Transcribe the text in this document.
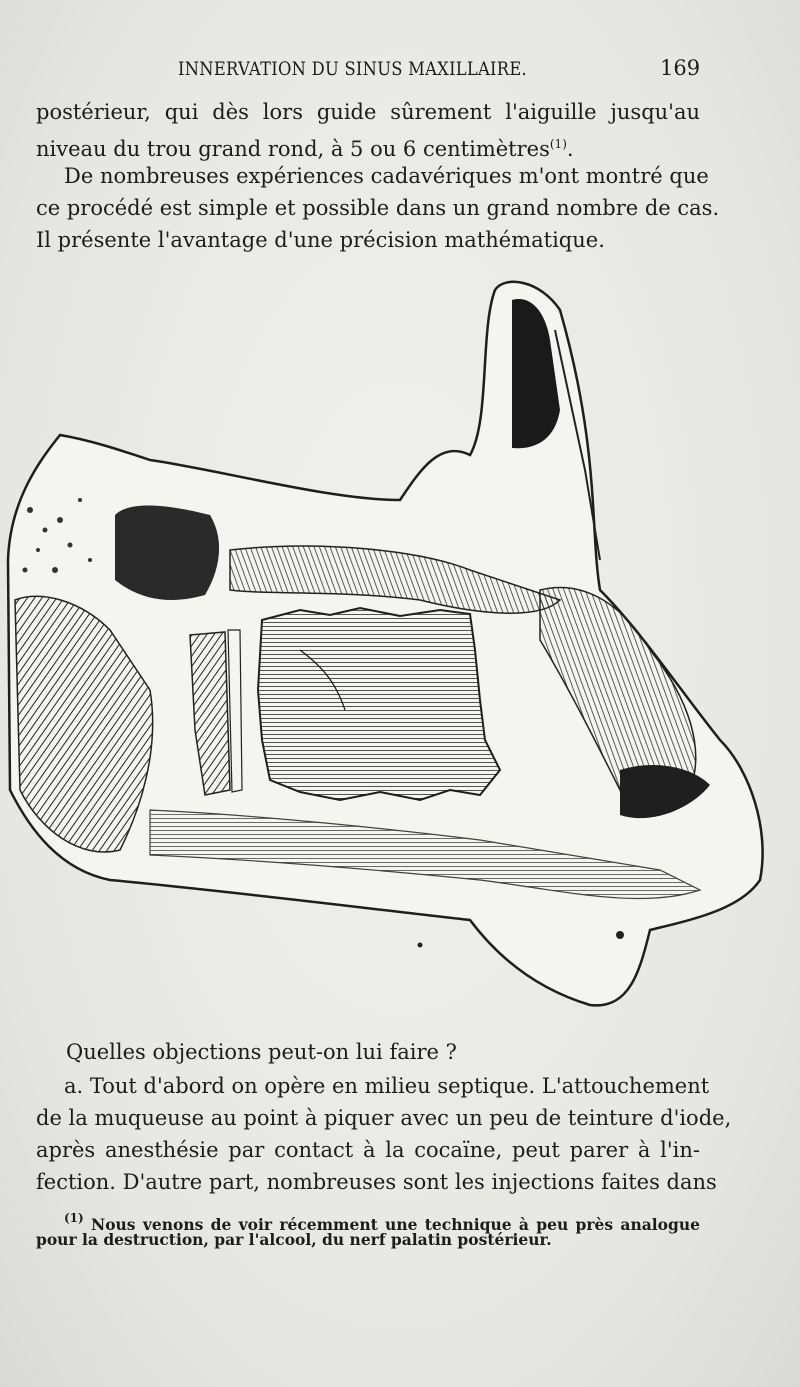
INNERVATION DU SINUS MAXILLAIRE.	169
postérieur, qui dès lors guide sûrement l'aiguille jusqu'au
niveau du trou grand rond, à 5 ou 6 centimètres$^{(1)}$.
De nombreuses expériences cadavériques m'ont montré que
ce procédé est simple et possible dans un grand nombre de cas.
Il présente l'avantage d'une précision mathématique.
Quelles objections peut-on lui faire ?
a. Tout d'abord on opère en milieu septique. L'attouchement
de la muqueuse au point à piquer avec un peu de teinture d'iode,
après anesthésie par contact à la cocaïne, peut parer à l'in-
fection. D'autre part, nombreuses sont les injections faites dans
$^{(1)}$ Nous venons de voir récemment une technique à peu près analogue
pour la destruction, par l'alcool, du nerf palatin postérieur.
